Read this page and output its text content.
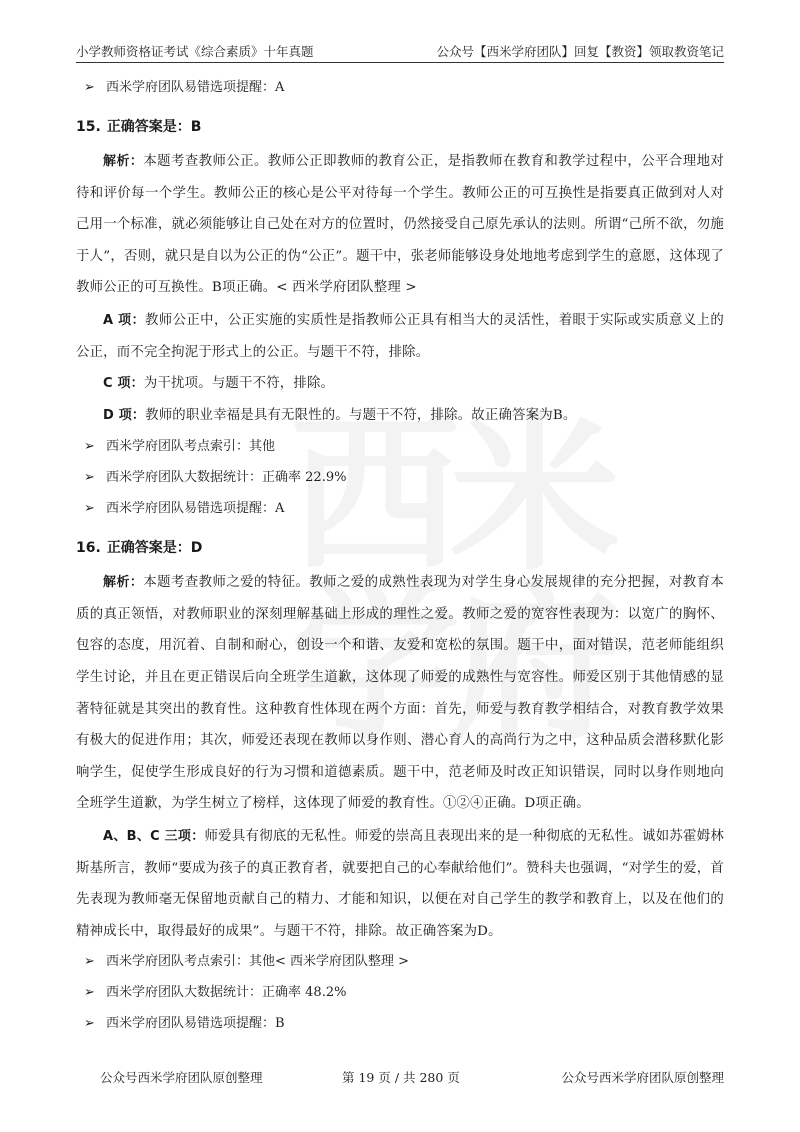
小学教师资格证考试《综合素质》十年真题	公众号【西米学府团队】回复【教资】领取教资笔记
➢ 西米学府团队易错选项提醒：A
15. 正确答案是：B

解析：本题考查教师公正。教师公正即教师的教育公正，是指教师在教育和教学过程中，公平合理地对待和评价每一个学生。教师公正的核心是公平对待每一个学生。教师公正的可互换性是指要真正做到对人对己用一个标准，就必须能够让自己处在对方的位置时，仍然接受自己原先承认的法则。所谓“己所不欲，勿施于人”，否则，就只是自以为公正的伪“公正”。题干中，张老师能够设身处地地考虑到学生的意愿，这体现了教师公正的可互换性。B项正确。< 西米学府团队整理 >

A 项：教师公正中，公正实施的实质性是指教师公正具有相当大的灵活性，着眼于实际或实质意义上的公正，而不完全拘泥于形式上的公正。与题干不符，排除。

C 项：为干扰项。与题干不符，排除。

D 项：教师的职业幸福是具有无限性的。与题干不符，排除。故正确答案为B。

➢ 西米学府团队考点索引：其他
➢ 西米学府团队大数据统计：正确率 22.9%
➢ 西米学府团队易错选项提醒：A
16. 正确答案是：D

解析：本题考查教师之爱的特征。教师之爱的成熟性表现为对学生身心发展规律的充分把握，对教育本质的真正领悟，对教师职业的深刻理解基础上形成的理性之爱。教师之爱的宽容性表现为：以宽广的胸怀、包容的态度，用沉着、自制和耐心，创设一个和谐、友爱和宽松的氛围。题干中，面对错误，范老师能组织学生讨论，并且在更正错误后向全班学生道歉，这体现了师爱的成熟性与宽容性。师爱区别于其他情感的显著特征就是其突出的教育性。这种教育性体现在两个方面：首先，师爱与教育教学相结合，对教育教学效果有极大的促进作用；其次，师爱还表现在教师以身作则、潜心育人的高尚行为之中，这种品质会潜移默化影响学生，促使学生形成良好的行为习惯和道德素质。题干中，范老师及时改正知识错误，同时以身作则地向全班学生道歉，为学生树立了榜样，这体现了师爱的教育性。①②④正确。D项正确。

A、B、C 三项：师爱具有彻底的无私性。师爱的崇高且表现出来的是一种彻底的无私性。诚如苏霍姆林斯基所言，教师“要成为孩子的真正教育者，就要把自己的心奉献给他们”。赞科夫也强调，“对学生的爱，首先表现为教师毫无保留地贡献自己的精力、才能和知识，以便在对自己学生的教学和教育上，以及在他们的精神成长中，取得最好的成果”。与题干不符，排除。故正确答案为D。

➢ 西米学府团队考点索引：其他< 西米学府团队整理 >
➢ 西米学府团队大数据统计：正确率 48.2%
➢ 西米学府团队易错选项提醒：B
公众号西米学府团队原创整理	第 19 页 / 共 280 页	公众号西米学府团队原创整理
